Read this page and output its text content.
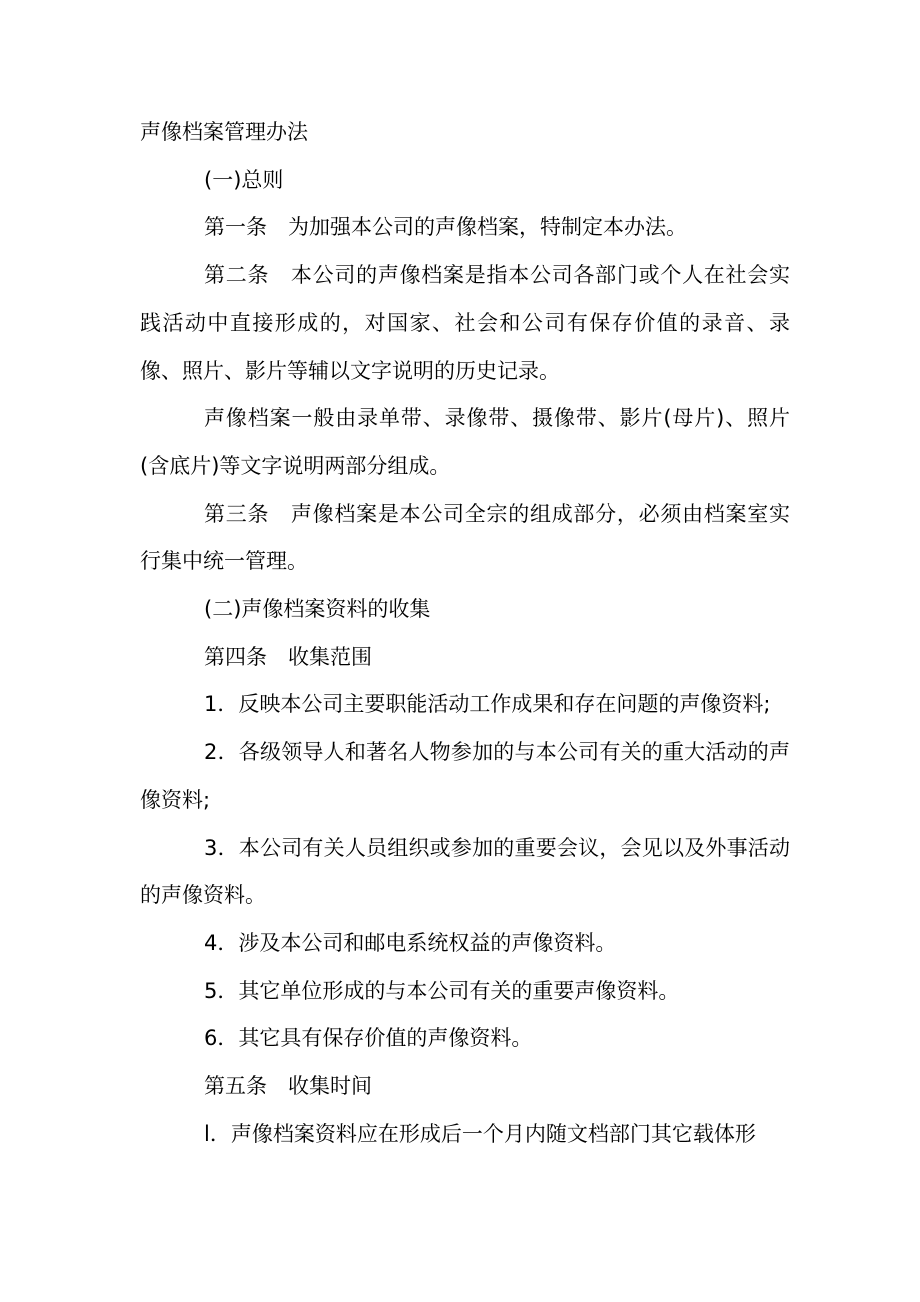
声像档案管理办法

(一)总则

第一条　为加强本公司的声像档案，特制定本办法。

第二条　本公司的声像档案是指本公司各部门或个人在社会实践活动中直接形成的，对国家、社会和公司有保存价值的录音、录像、照片、影片等辅以文字说明的历史记录。

声像档案一般由录单带、录像带、摄像带、影片(母片)、照片(含底片)等文字说明两部分组成。

第三条　声像档案是本公司全宗的组成部分，必须由档案室实行集中统一管理。

(二)声像档案资料的收集

第四条　收集范围

1．反映本公司主要职能活动工作成果和存在问题的声像资料;

2．各级领导人和著名人物参加的与本公司有关的重大活动的声像资料;

3．本公司有关人员组织或参加的重要会议，会见以及外事活动的声像资料。

4．涉及本公司和邮电系统权益的声像资料。

5．其它单位形成的与本公司有关的重要声像资料。

6．其它具有保存价值的声像资料。

第五条　收集时间

l．声像档案资料应在形成后一个月内随文档部门其它载体形
